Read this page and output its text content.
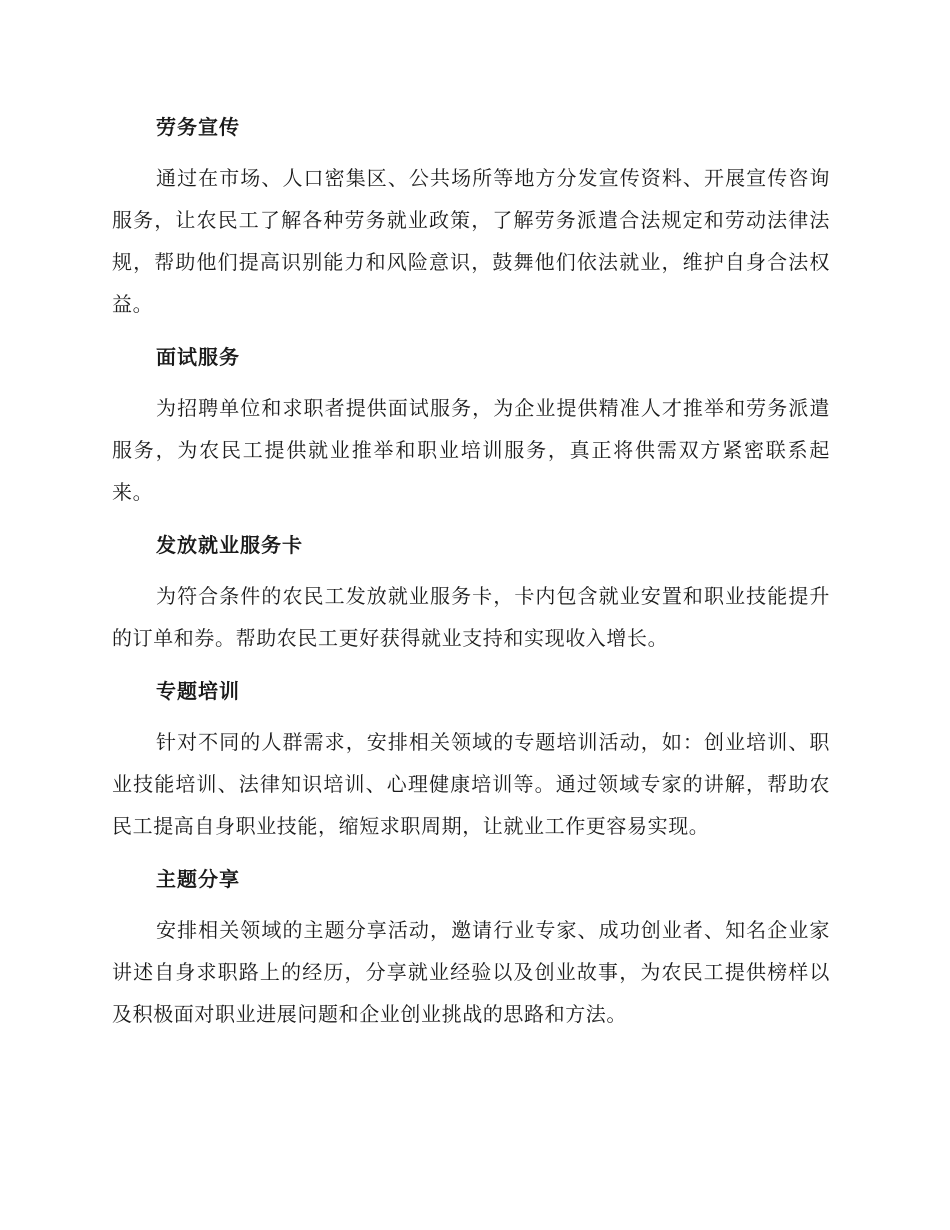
劳务宣传

通过在市场、人口密集区、公共场所等地方分发宣传资料、开展宣传咨询服务，让农民工了解各种劳务就业政策，了解劳务派遣合法规定和劳动法律法规，帮助他们提高识别能力和风险意识，鼓舞他们依法就业，维护自身合法权益。

面试服务

为招聘单位和求职者提供面试服务，为企业提供精准人才推举和劳务派遣服务，为农民工提供就业推举和职业培训服务，真正将供需双方紧密联系起来。

发放就业服务卡

为符合条件的农民工发放就业服务卡，卡内包含就业安置和职业技能提升的订单和券。帮助农民工更好获得就业支持和实现收入增长。

专题培训

针对不同的人群需求，安排相关领域的专题培训活动，如：创业培训、职业技能培训、法律知识培训、心理健康培训等。通过领域专家的讲解，帮助农民工提高自身职业技能，缩短求职周期，让就业工作更容易实现。

主题分享

安排相关领域的主题分享活动，邀请行业专家、成功创业者、知名企业家讲述自身求职路上的经历，分享就业经验以及创业故事，为农民工提供榜样以及积极面对职业进展问题和企业创业挑战的思路和方法。
